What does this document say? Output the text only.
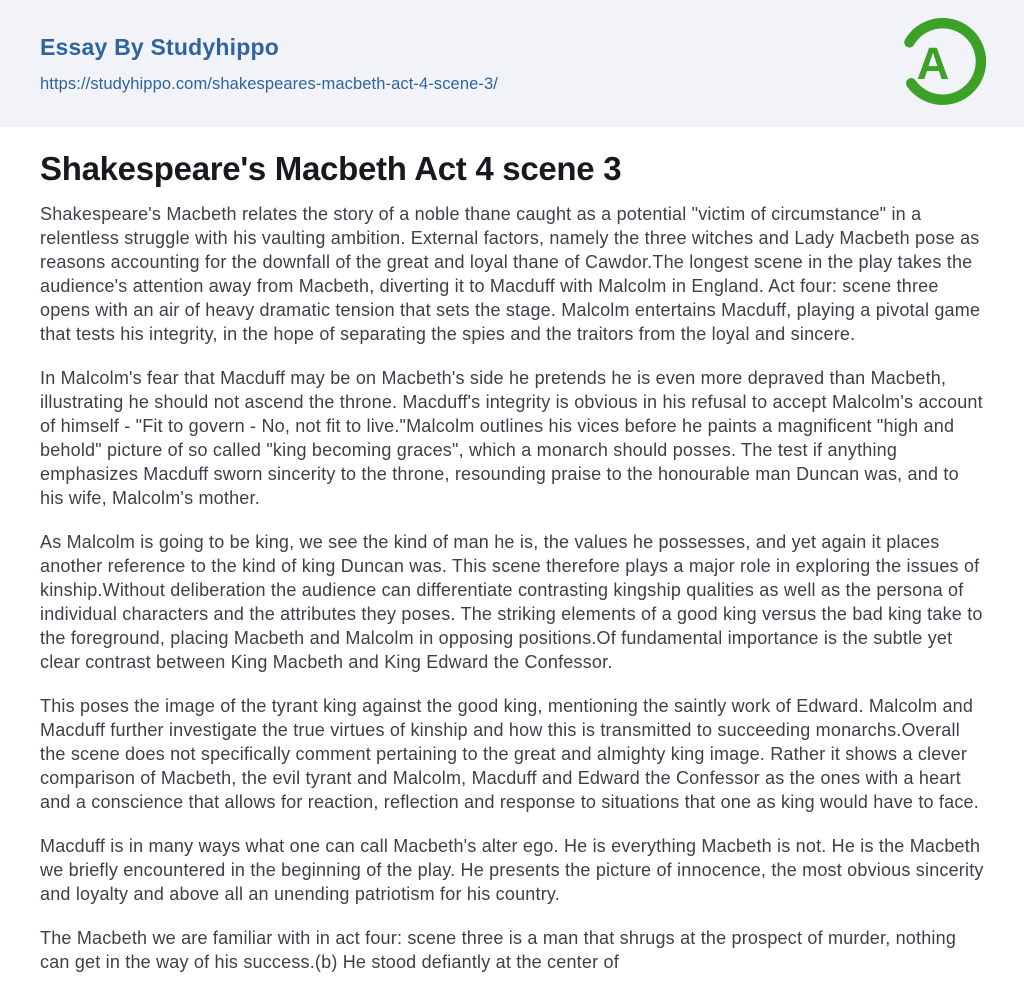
Essay By Studyhippo
https://studyhippo.com/shakespeares-macbeth-act-4-scene-3/	A
Shakespeare's Macbeth Act 4 scene 3

Shakespeare's Macbeth relates the story of a noble thane caught as a potential "victim of circumstance" in a relentless struggle with his vaulting ambition. External factors, namely the three witches and Lady Macbeth pose as reasons accounting for the downfall of the great and loyal thane of Cawdor.The longest scene in the play takes the audience's attention away from Macbeth, diverting it to Macduff with Malcolm in England. Act four: scene three opens with an air of heavy dramatic tension that sets the stage. Malcolm entertains Macduff, playing a pivotal game that tests his integrity, in the hope of separating the spies and the traitors from the loyal and sincere.

In Malcolm's fear that Macduff may be on Macbeth's side he pretends he is even more depraved than Macbeth, illustrating he should not ascend the throne. Macduff's integrity is obvious in his refusal to accept Malcolm's account of himself - "Fit to govern - No, not fit to live."Malcolm outlines his vices before he paints a magnificent "high and behold" picture of so called "king becoming graces", which a monarch should posses. The test if anything emphasizes Macduff sworn sincerity to the throne, resounding praise to the honourable man Duncan was, and to his wife, Malcolm's mother.

As Malcolm is going to be king, we see the kind of man he is, the values he possesses, and yet again it places another reference to the kind of king Duncan was. This scene therefore plays a major role in exploring the issues of kinship.Without deliberation the audience can differentiate contrasting kingship qualities as well as the persona of individual characters and the attributes they poses. The striking elements of a good king versus the bad king take to the foreground, placing Macbeth and Malcolm in opposing positions.Of fundamental importance is the subtle yet clear contrast between King Macbeth and King Edward the Confessor.

This poses the image of the tyrant king against the good king, mentioning the saintly work of Edward. Malcolm and Macduff further investigate the true virtues of kinship and how this is transmitted to succeeding monarchs.Overall the scene does not specifically comment pertaining to the great and almighty king image. Rather it shows a clever comparison of Macbeth, the evil tyrant and Malcolm, Macduff and Edward the Confessor as the ones with a heart and a conscience that allows for reaction, reflection and response to situations that one as king would have to face.

Macduff is in many ways what one can call Macbeth's alter ego. He is everything Macbeth is not. He is the Macbeth we briefly encountered in the beginning of the play. He presents the picture of innocence, the most obvious sincerity and loyalty and above all an unending patriotism for his country.

The Macbeth we are familiar with in act four: scene three is a man that shrugs at the prospect of murder, nothing can get in the way of his success.(b) He stood defiantly at the center of
